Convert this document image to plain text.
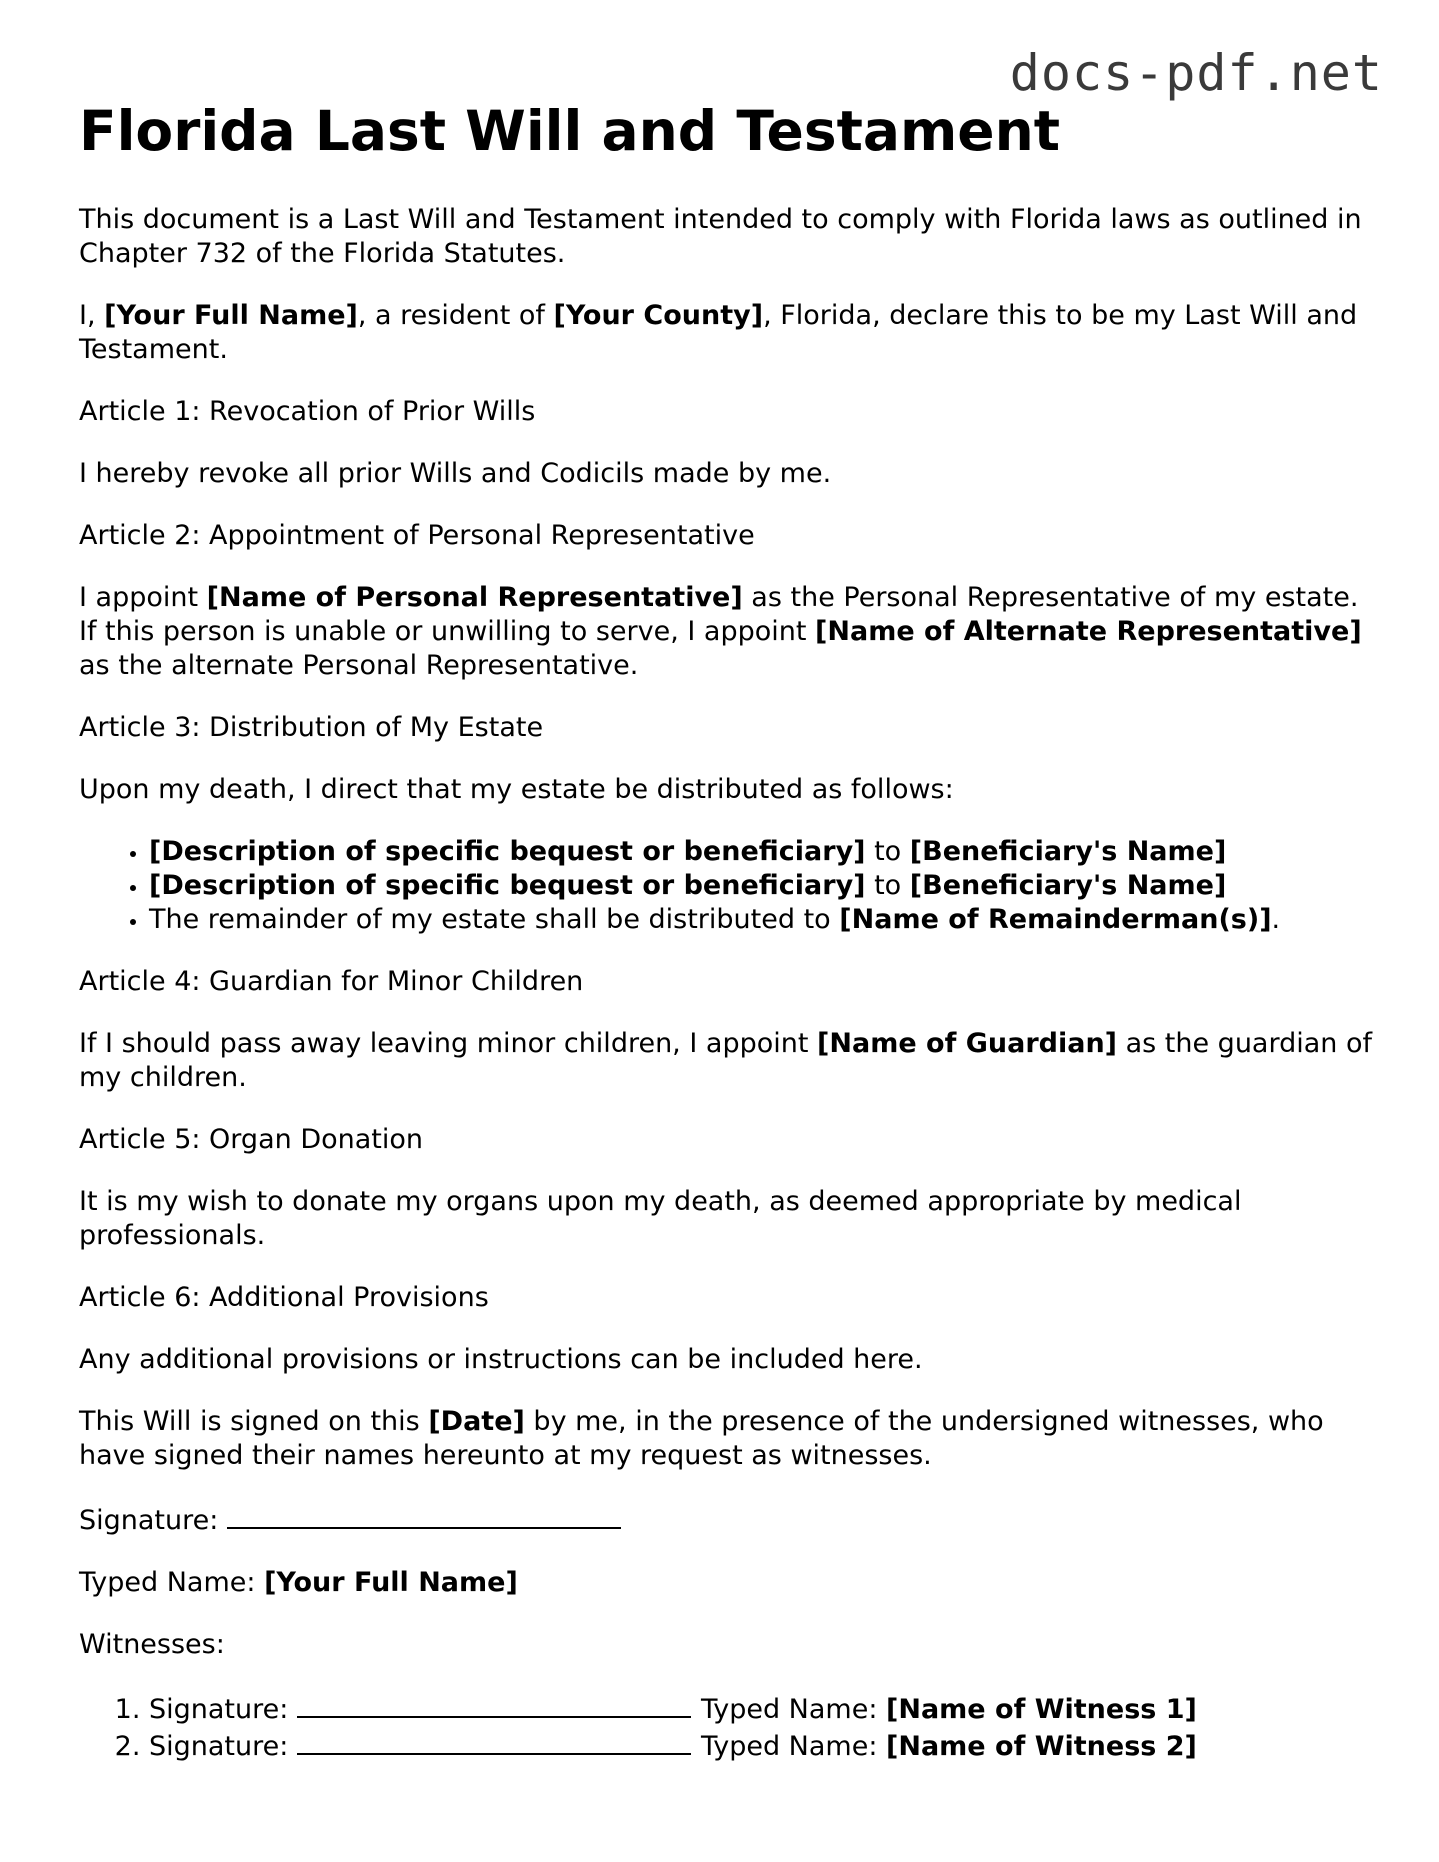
docs-pdf.net
Florida Last Will and Testament

This document is a Last Will and Testament intended to comply with Florida laws as outlined in Chapter 732 of the Florida Statutes.

I, [Your Full Name], a resident of [Your County], Florida, declare this to be my Last Will and Testament.

Article 1: Revocation of Prior Wills

I hereby revoke all prior Wills and Codicils made by me.

Article 2: Appointment of Personal Representative

I appoint [Name of Personal Representative] as the Personal Representative of my estate. If this person is unable or unwilling to serve, I appoint [Name of Alternate Representative] as the alternate Personal Representative.

Article 3: Distribution of My Estate

Upon my death, I direct that my estate be distributed as follows:

• [Description of specific bequest or beneficiary] to [Beneficiary's Name]
• [Description of specific bequest or beneficiary] to [Beneficiary's Name]
• The remainder of my estate shall be distributed to [Name of Remainderman(s)].

Article 4: Guardian for Minor Children

If I should pass away leaving minor children, I appoint [Name of Guardian] as the guardian of my children.

Article 5: Organ Donation

It is my wish to donate my organs upon my death, as deemed appropriate by medical professionals.

Article 6: Additional Provisions

Any additional provisions or instructions can be included here.

This Will is signed on this [Date] by me, in the presence of the undersigned witnesses, who have signed their names hereunto at my request as witnesses.

Signature:

Typed Name: [Your Full Name]

Witnesses:

1. Signature:	Typed Name: [Name of Witness 1]
2. Signature:	Typed Name: [Name of Witness 2]
